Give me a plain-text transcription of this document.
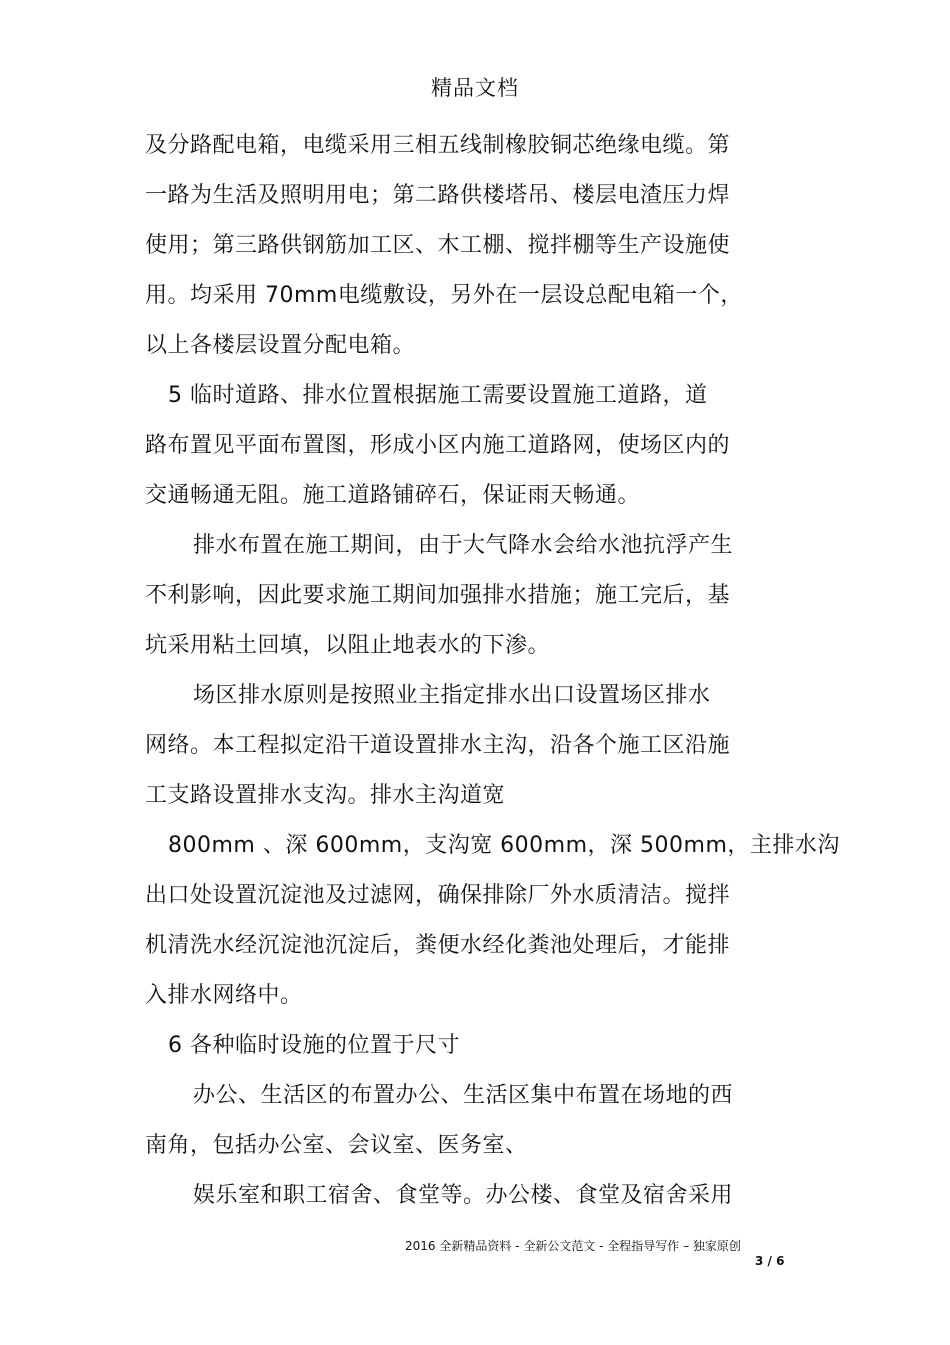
精品文档
及分路配电箱，电缆采用三相五线制橡胶铜芯绝缘电缆。第
一路为生活及照明用电；第二路供楼塔吊、楼层电渣压力焊
使用；第三路供钢筋加工区、木工棚、搅拌棚等生产设施使
用。均采用 70mm电缆敷设，另外在一层设总配电箱一个，
以上各楼层设置分配电箱。
5 临时道路、排水位置根据施工需要设置施工道路，道
路布置见平面布置图，形成小区内施工道路网，使场区内的
交通畅通无阻。施工道路铺碎石，保证雨天畅通。
排水布置在施工期间，由于大气降水会给水池抗浮产生
不利影响，因此要求施工期间加强排水措施；施工完后，基
坑采用粘土回填，以阻止地表水的下渗。
场区排水原则是按照业主指定排水出口设置场区排水
网络。本工程拟定沿干道设置排水主沟，沿各个施工区沿施
工支路设置排水支沟。排水主沟道宽
800mm 、深 600mm，支沟宽 600mm，深 500mm，主排水沟
出口处设置沉淀池及过滤网，确保排除厂外水质清洁。搅拌
机清洗水经沉淀池沉淀后，粪便水经化粪池处理后，才能排
入排水网络中。
6 各种临时设施的位置于尺寸
办公、生活区的布置办公、生活区集中布置在场地的西
南角，包括办公室、会议室、医务室、
娱乐室和职工宿舍、食堂等。办公楼、食堂及宿舍采用
2016 全新精品资料 - 全新公文范文 - 全程指导写作 – 独家原创
3 / 6
